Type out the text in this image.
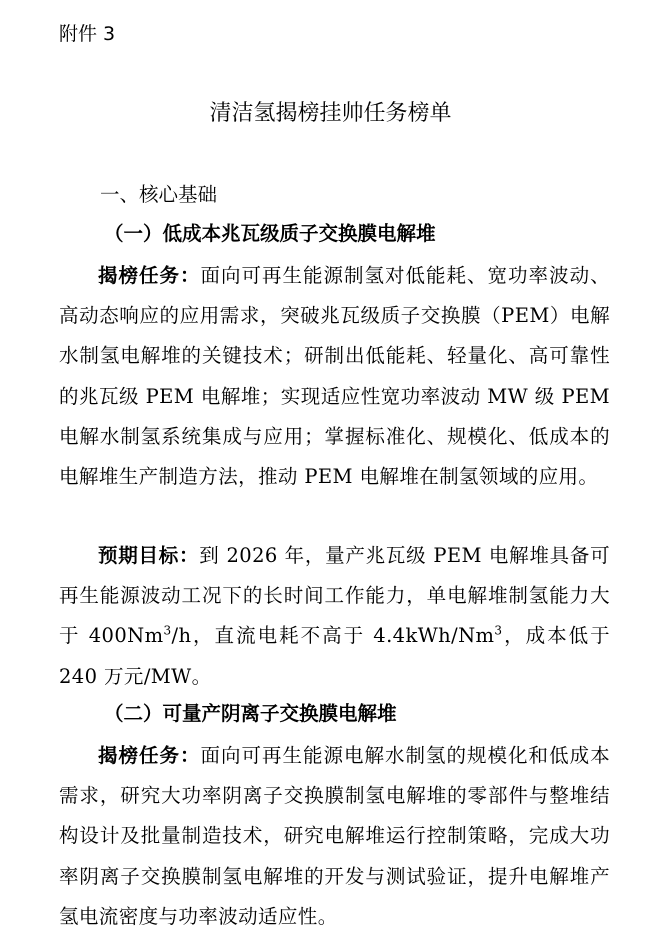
附件 3
清洁氢揭榜挂帅任务榜单
一、核心基础
（一）低成本兆瓦级质子交换膜电解堆
揭榜任务：面向可再生能源制氢对低能耗、宽功率波动、高动态响应的应用需求，突破兆瓦级质子交换膜（PEM）电解水制氢电解堆的关键技术；研制出低能耗、轻量化、高可靠性的兆瓦级 PEM 电解堆；实现适应性宽功率波动 MW 级 PEM 电解水制氢系统集成与应用；掌握标准化、规模化、低成本的电解堆生产制造方法，推动 PEM 电解堆在制氢领域的应用。
预期目标：到 2026 年，量产兆瓦级 PEM 电解堆具备可再生能源波动工况下的长时间工作能力，单电解堆制氢能力大于 400Nm$^3$/h，直流电耗不高于 4.4kWh/Nm$^3$，成本低于 240 万元/MW。
（二）可量产阴离子交换膜电解堆
揭榜任务：面向可再生能源电解水制氢的规模化和低成本需求，研究大功率阴离子交换膜制氢电解堆的零部件与整堆结构设计及批量制造技术，研究电解堆运行控制策略，完成大功率阴离子交换膜制氢电解堆的开发与测试验证，提升电解堆产氢电流密度与功率波动适应性。
